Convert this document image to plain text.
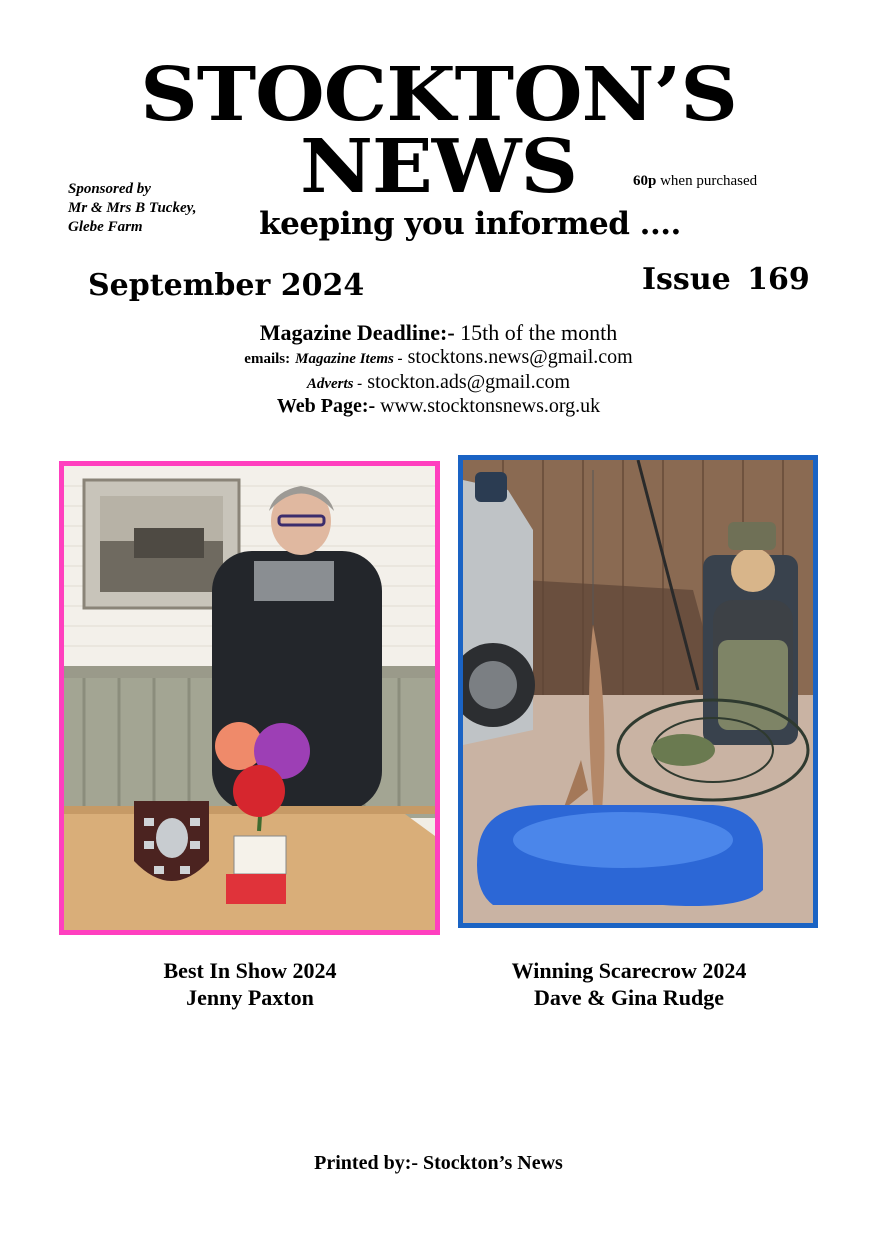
STOCKTON’S
NEWS
Sponsored by
Mr & Mrs B Tuckey,
Glebe Farm
60p when purchased
keeping you informed ....
September 2024	Issue 169
Magazine Deadline:- 15th of the month
emails: Magazine Items - stocktons.news@gmail.com
Adverts - stockton.ads@gmail.com
Web Page:- www.stocktonsnews.org.uk
Best In Show 2024
Jenny Paxton
Winning Scarecrow 2024
Dave & Gina Rudge
Printed by:- Stockton’s News
